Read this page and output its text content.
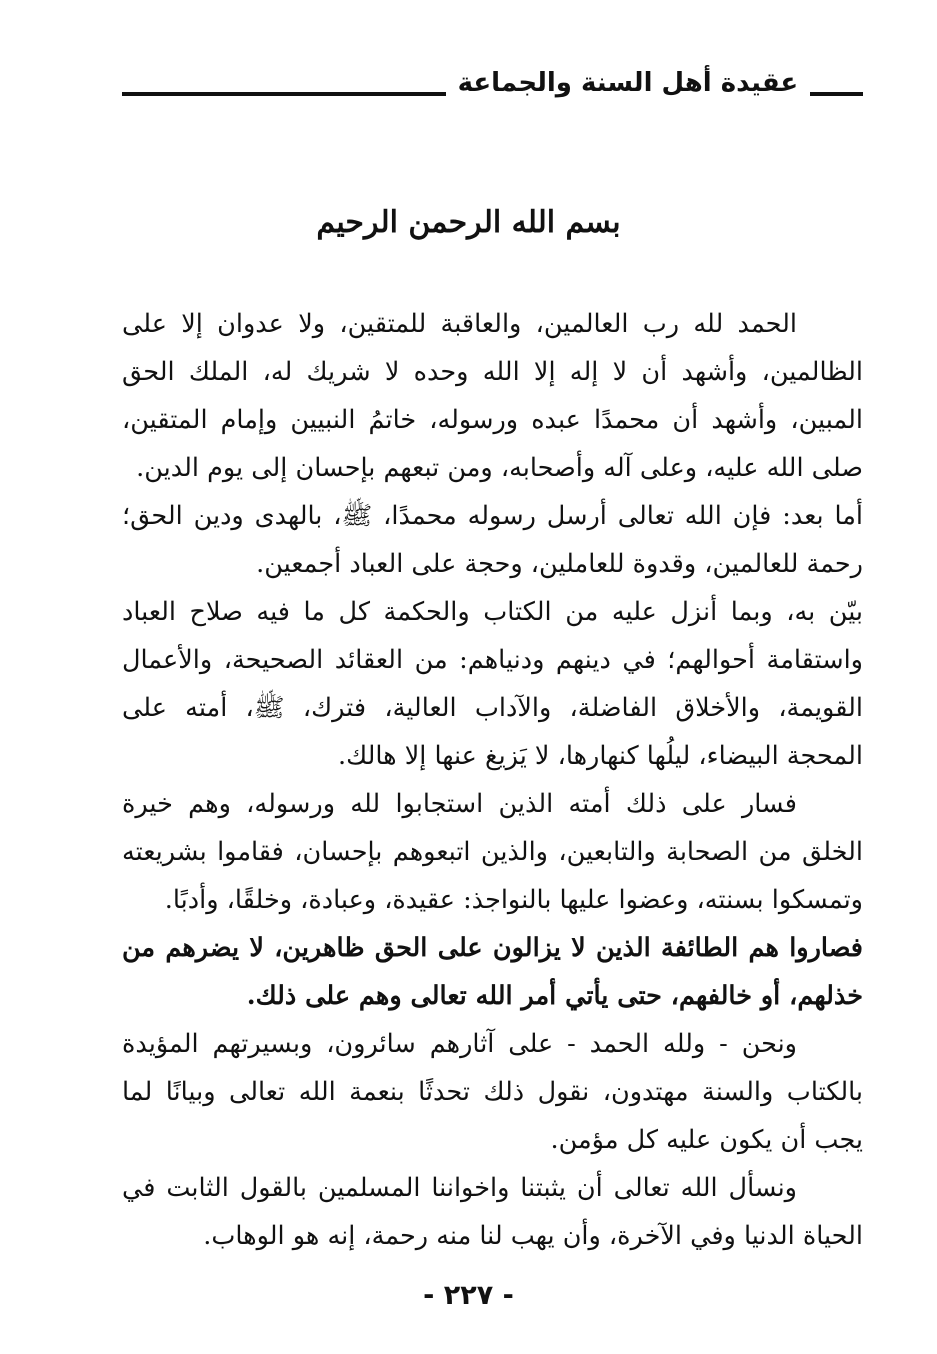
عقيدة أهل السنة والجماعة
بسم الله الرحمن الرحيم

الحمد لله رب العالمين، والعاقبة للمتقين، ولا عدوان إلا على الظالمين، وأشهد أن لا إله إلا الله وحده لا شريك له، الملك الحق المبين، وأشهد أن محمدًا عبده ورسوله، خاتمُ النبيين وإمام المتقين، صلى الله عليه، وعلى آله وأصحابه، ومن تبعهم بإحسان إلى يوم الدين.

أما بعد: فإن الله تعالى أرسل رسوله محمدًا، ﷺ، بالهدى ودين الحق؛ رحمة للعالمين، وقدوة للعاملين، وحجة على العباد أجمعين.

بيّن به، وبما أنزل عليه من الكتاب والحكمة كل ما فيه صلاح العباد واستقامة أحوالهم؛ في دينهم ودنياهم: من العقائد الصحيحة، والأعمال القويمة، والأخلاق الفاضلة، والآداب العالية، فترك، ﷺ، أمته على المحجة البيضاء، ليلُها كنهارها، لا يَزيغ عنها إلا هالك.

فسار على ذلك أمته الذين استجابوا لله ورسوله، وهم خيرة الخلق من الصحابة والتابعين، والذين اتبعوهم بإحسان، فقاموا بشريعته وتمسكوا بسنته، وعضوا عليها بالنواجذ: عقيدة، وعبادة، وخلقًا، وأدبًا.

فصاروا هم الطائفة الذين لا يزالون على الحق ظاهرين، لا يضرهم من خذلهم، أو خالفهم، حتى يأتي أمر الله تعالى وهم على ذلك.

ونحن - ولله الحمد - على آثارهم سائرون، وبسيرتهم المؤيدة بالكتاب والسنة مهتدون، نقول ذلك تحدثًا بنعمة الله تعالى وبيانًا لما يجب أن يكون عليه كل مؤمن.

ونسأل الله تعالى أن يثبتنا واخواننا المسلمين بالقول الثابت في الحياة الدنيا وفي الآخرة، وأن يهب لنا منه رحمة، إنه هو الوهاب.

- ٢٢٧ -
